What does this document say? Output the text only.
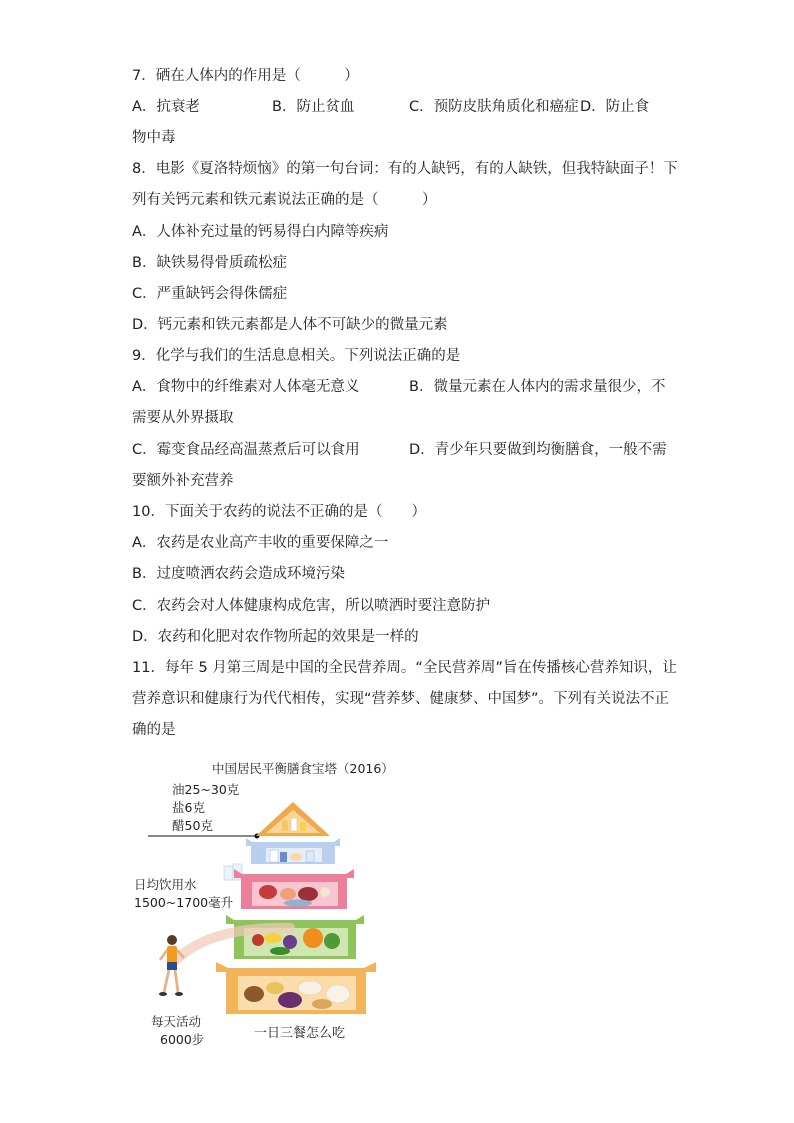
7．硒在人体内的作用是（　　　）
A．抗衰老	B．防止贫血	C．预防皮肤角质化和癌症 D．防止食
物中毒
8．电影《夏洛特烦恼》的第一句台词：有的人缺钙，有的人缺铁，但我特缺面子！下
列有关钙元素和铁元素说法正确的是（　　　）
A．人体补充过量的钙易得白内障等疾病
B．缺铁易得骨质疏松症
C．严重缺钙会得侏儒症
D．钙元素和铁元素都是人体不可缺少的微量元素
9．化学与我们的生活息息相关。下列说法正确的是
A．食物中的纤维素对人体毫无意义	B．微量元素在人体内的需求量很少，不
需要从外界摄取
C．霉变食品经高温蒸煮后可以食用	D．青少年只要做到均衡膳食，一般不需
要额外补充营养
10．下面关于农药的说法不正确的是（　　）
A．农药是农业高产丰收的重要保障之一
B．过度喷洒农药会造成环境污染
C．农药会对人体健康构成危害，所以喷洒时要注意防护
D．农药和化肥对农作物所起的效果是一样的
11．每年 5 月第三周是中国的全民营养周。“全民营养周”旨在传播核心营养知识，让
营养意识和健康行为代代相传，实现“营养梦、健康梦、中国梦”。下列有关说法不正
确的是
中国居民平衡膳食宝塔（2016）
油25~30克
盐6克
醋50克
日均饮用水
1500~1700毫升
每天活动
6000步	一日三餐怎么吃
